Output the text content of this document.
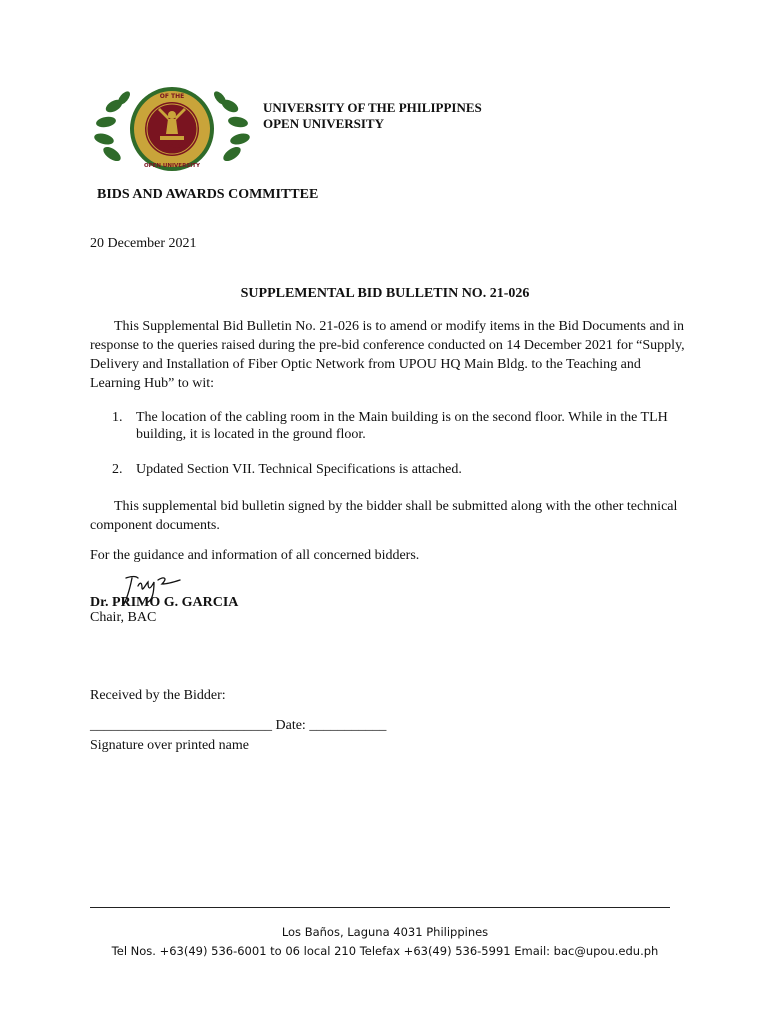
1908
OF THE
OPEN UNIVERSITY
UNIVERSITY OF THE PHILIPPINES
OPEN UNIVERSITY
BIDS AND AWARDS COMMITTEE
20 December 2021
SUPPLEMENTAL BID BULLETIN NO. 21-026
This Supplemental Bid Bulletin No. 21-026 is to amend or modify items in the Bid Documents and in response to the queries raised during the pre-bid conference conducted on 14 December 2021 for “Supply, Delivery and Installation of Fiber Optic Network from UPOU HQ Main Bldg. to the Teaching and Learning Hub” to wit:
1. The location of the cabling room in the Main building is on the second floor. While in the TLH building, it is located in the ground floor.
2. Updated Section VII. Technical Specifications is attached.
This supplemental bid bulletin signed by the bidder shall be submitted along with the other technical component documents.
For the guidance and information of all concerned bidders.
Dr. PRIMO G. GARCIA
Chair, BAC
Received by the Bidder:
__________________________ Date: ___________
Signature over printed name
Los Baños, Laguna 4031 Philippines
Tel Nos. +63(49) 536-6001 to 06 local 210 Telefax +63(49) 536-5991 Email: bac@upou.edu.ph
